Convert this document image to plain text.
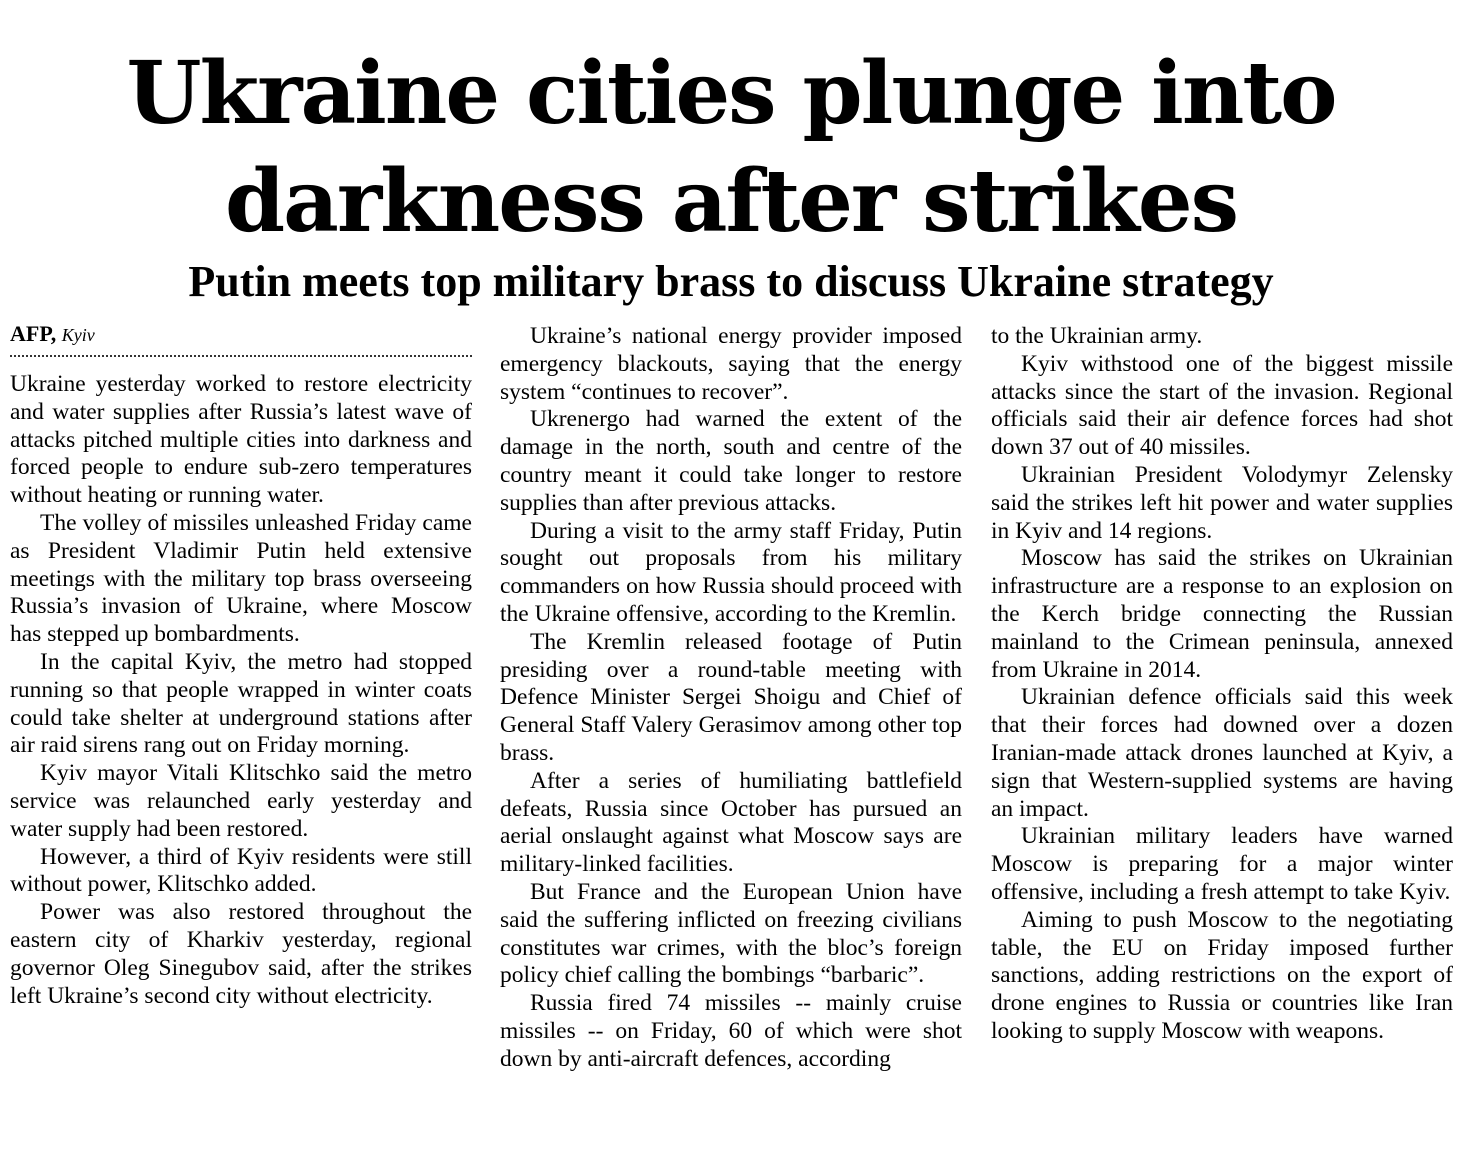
Ukraine cities plunge into
darkness after strikes
Putin meets top military brass to discuss Ukraine strategy
AFP, Kyiv

Ukraine yesterday worked to restore electricity and water supplies after Russia’s latest wave of attacks pitched multiple cities into darkness and forced people to endure sub-zero temperatures without heating or running water.

The volley of missiles unleashed Friday came as President Vladimir Putin held extensive meetings with the military top brass overseeing Russia’s invasion of Ukraine, where Moscow has stepped up bombardments.

In the capital Kyiv, the metro had stopped running so that people wrapped in winter coats could take shelter at underground stations after air raid sirens rang out on Friday morning.

Kyiv mayor Vitali Klitschko said the metro service was relaunched early yesterday and water supply had been restored.

However, a third of Kyiv residents were still without power, Klitschko added.

Power was also restored throughout the eastern city of Kharkiv yesterday, regional governor Oleg Sinegubov said, after the strikes left Ukraine’s second city without electricity.

Ukraine’s national energy provider imposed emergency blackouts, saying that the energy system “continues to recover”.

Ukrenergo had warned the extent of the damage in the north, south and centre of the country meant it could take longer to restore supplies than after previous attacks.

During a visit to the army staff Friday, Putin sought out proposals from his military commanders on how Russia should proceed with the Ukraine offensive, according to the Kremlin.

The Kremlin released footage of Putin presiding over a round-table meeting with Defence Minister Sergei Shoigu and Chief of General Staff Valery Gerasimov among other top brass.

After a series of humiliating battlefield defeats, Russia since October has pursued an aerial onslaught against what Moscow says are military-linked facilities.

But France and the European Union have said the suffering inflicted on freezing civilians constitutes war crimes, with the bloc’s foreign policy chief calling the bombings “barbaric”.

Russia fired 74 missiles -- mainly cruise missiles -- on Friday, 60 of which were shot down by anti-aircraft defences, according

to the Ukrainian army.

Kyiv withstood one of the biggest missile attacks since the start of the invasion. Regional officials said their air defence forces had shot down 37 out of 40 missiles.

Ukrainian President Volodymyr Zelensky said the strikes left hit power and water supplies in Kyiv and 14 regions.

Moscow has said the strikes on Ukrainian infrastructure are a response to an explosion on the Kerch bridge connecting the Russian mainland to the Crimean peninsula, annexed from Ukraine in 2014.

Ukrainian defence officials said this week that their forces had downed over a dozen Iranian-made attack drones launched at Kyiv, a sign that Western-supplied systems are having an impact.

Ukrainian military leaders have warned Moscow is preparing for a major winter offensive, including a fresh attempt to take Kyiv.

Aiming to push Moscow to the negotiating table, the EU on Friday imposed further sanctions, adding restrictions on the export of drone engines to Russia or countries like Iran looking to supply Moscow with weapons.
